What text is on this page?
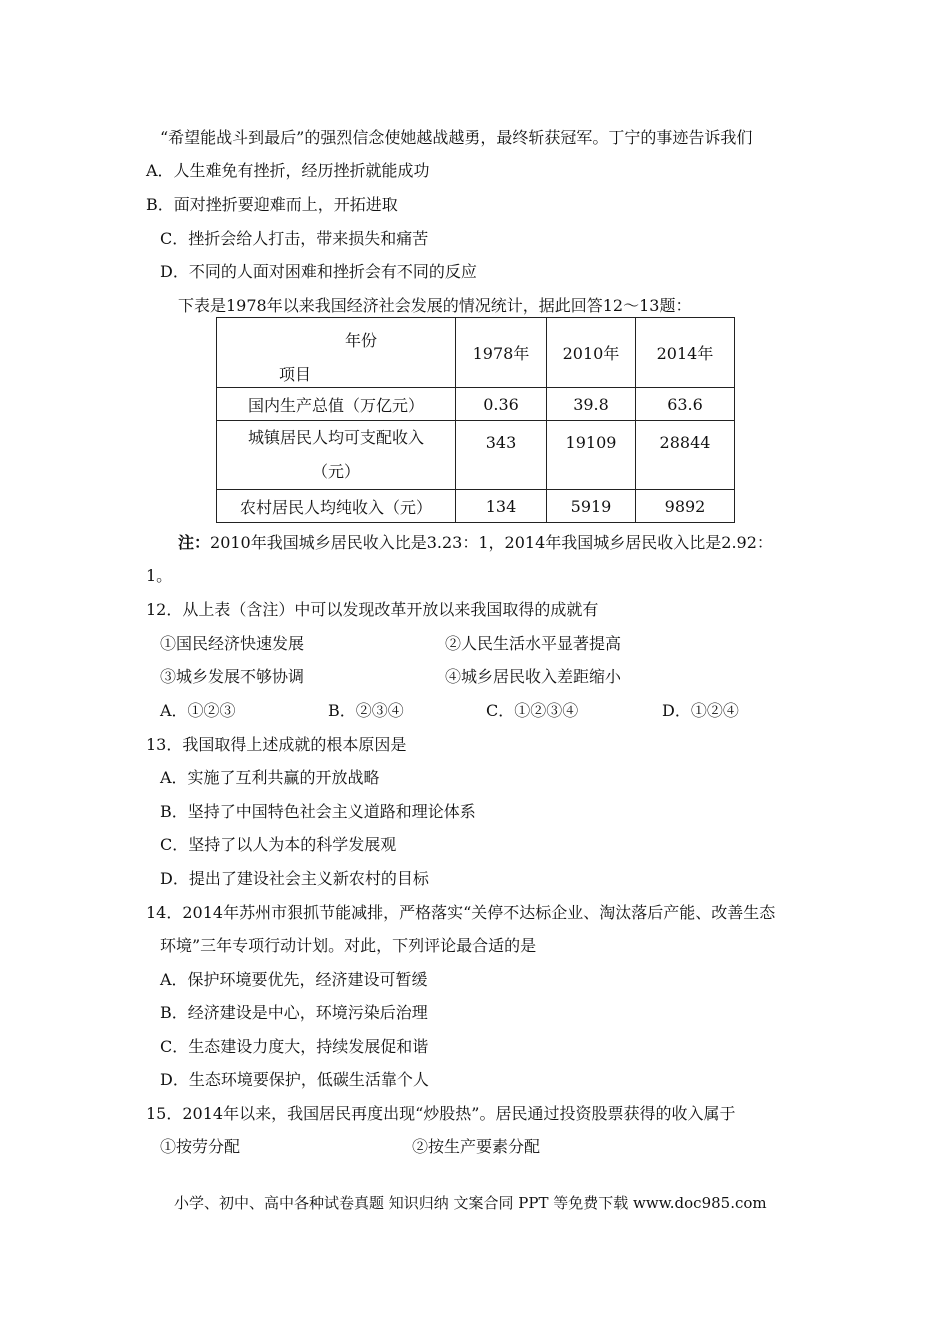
“希望能战斗到最后”的强烈信念使她越战越勇，最终斩获冠军。丁宁的事迹告诉我们
A．人生难免有挫折，经历挫折就能成功
B．面对挫折要迎难而上，开拓进取
C．挫折会给人打击，带来损失和痛苦
D．不同的人面对困难和挫折会有不同的反应
下表是1978年以来我国经济社会发展的情况统计，据此回答12～13题：
年份
项目	1978年	2010年	2014年
国内生产总值（万亿元）	0.36	39.8	63.6

城镇居民人均可支配收入
（元）	343	19109	28844
农村居民人均纯收入（元）	134	5919	9892
注：2010年我国城乡居民收入比是3.23：1，2014年我国城乡居民收入比是2.92：
1。
12．从上表（含注）中可以发现改革开放以来我国取得的成就有
①国民经济快速发展	②人民生活水平显著提高
③城乡发展不够协调	④城乡居民收入差距缩小
A．①②③	B．②③④	C．①②③④	D．①②④
13．我国取得上述成就的根本原因是
A．实施了互利共赢的开放战略
B．坚持了中国特色社会主义道路和理论体系
C．坚持了以人为本的科学发展观
D．提出了建设社会主义新农村的目标
14．2014年苏州市狠抓节能减排，严格落实“关停不达标企业、淘汰落后产能、改善生态
环境”三年专项行动计划。对此，下列评论最合适的是
A．保护环境要优先，经济建设可暂缓
B．经济建设是中心，环境污染后治理
C．生态建设力度大，持续发展促和谐
D．生态环境要保护，低碳生活靠个人
15．2014年以来，我国居民再度出现“炒股热”。居民通过投资股票获得的收入属于
①按劳分配	②按生产要素分配
小学、初中、高中各种试卷真题 知识归纳 文案合同 PPT 等免费下载 www.doc985.com
